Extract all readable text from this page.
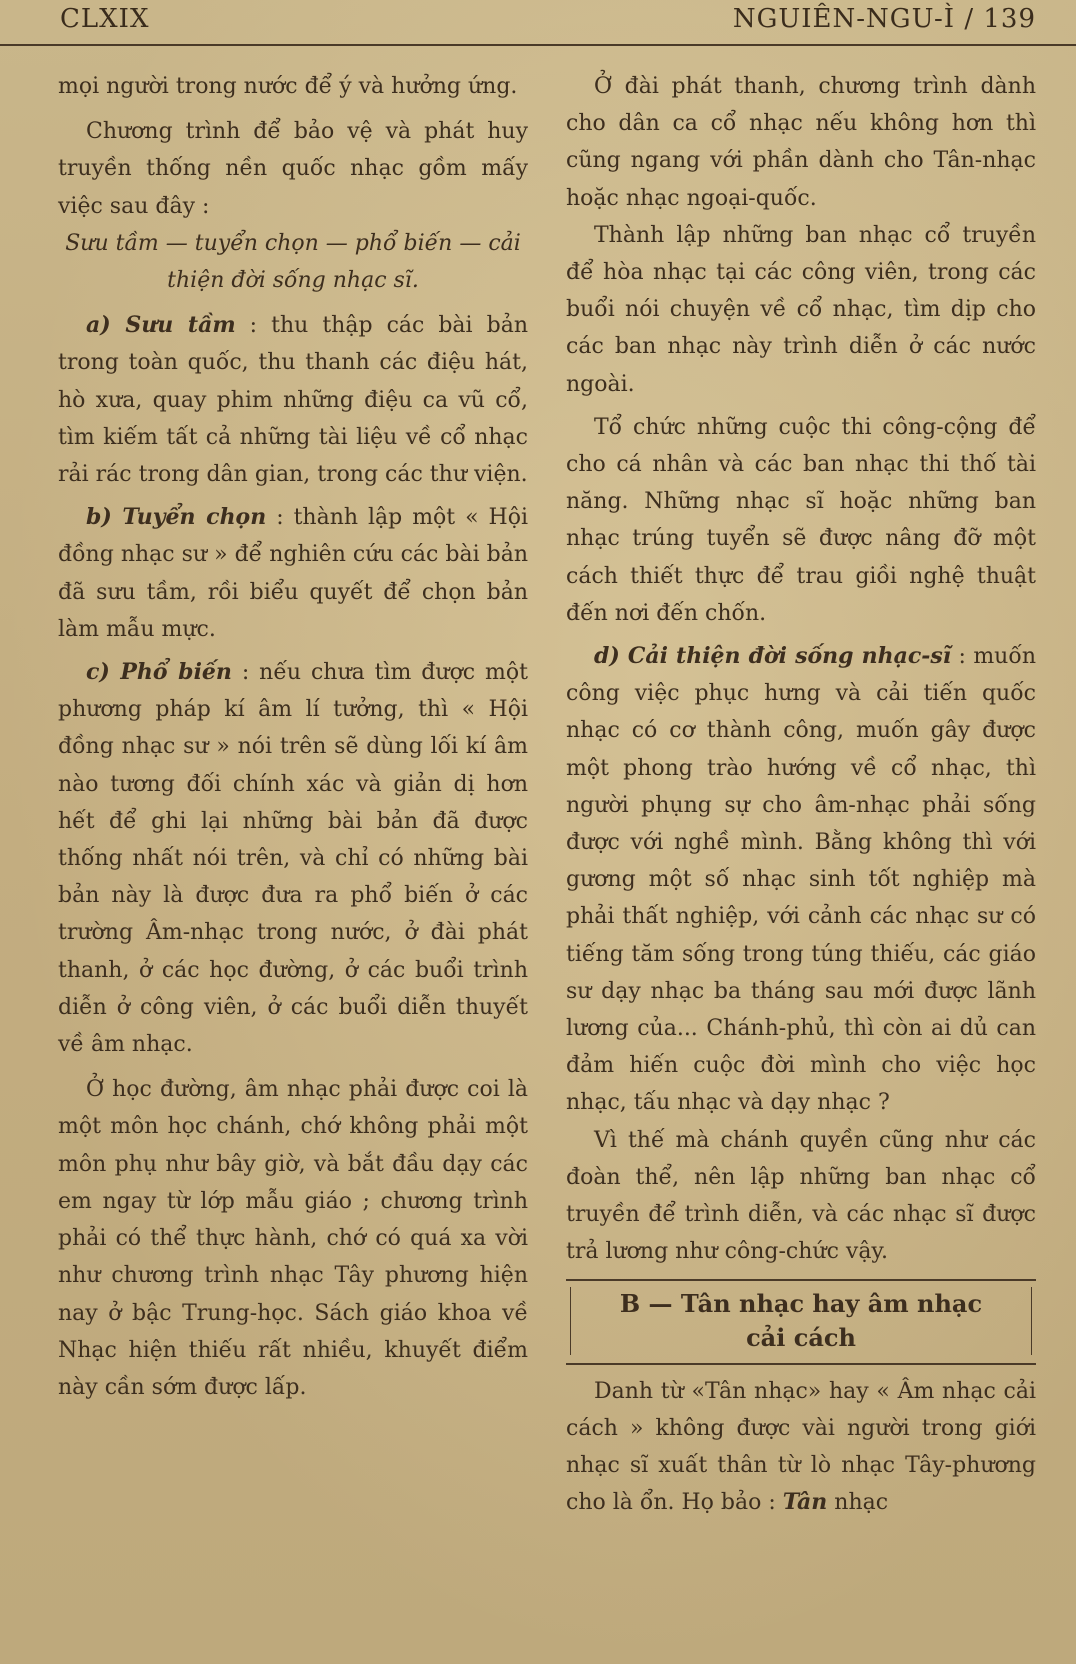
CLXIX	NGUIÊN-NGU-Ì / 139

mọi người trong nước để ý và hưởng ứng.

Chương trình để bảo vệ và phát huy truyền thống nền quốc nhạc gồm mấy việc sau đây :

Sưu tầm — tuyển chọn — phổ biến — cải thiện đời sống nhạc sĩ.

a) Sưu tầm : thu thập các bài bản trong toàn quốc, thu thanh các điệu hát, hò xưa, quay phim những điệu ca vũ cổ, tìm kiếm tất cả những tài liệu về cổ nhạc rải rác trong dân gian, trong các thư viện.

b) Tuyển chọn : thành lập một « Hội đồng nhạc sư » để nghiên cứu các bài bản đã sưu tầm, rồi biểu quyết để chọn bản làm mẫu mực.

c) Phổ biến : nếu chưa tìm được một phương pháp kí âm lí tưởng, thì « Hội đồng nhạc sư » nói trên sẽ dùng lối kí âm nào tương đối chính xác và giản dị hơn hết để ghi lại những bài bản đã được thống nhất nói trên, và chỉ có những bài bản này là được đưa ra phổ biến ở các trường Âm-nhạc trong nước, ở đài phát thanh, ở các học đường, ở các buổi trình diễn ở công viên, ở các buổi diễn thuyết về âm nhạc.

Ở học đường, âm nhạc phải được coi là một môn học chánh, chớ không phải một môn phụ như bây giờ, và bắt đầu dạy các em ngay từ lớp mẫu giáo ; chương trình phải có thể thực hành, chớ có quá xa vời như chương trình nhạc Tây phương hiện nay ở bậc Trung-học. Sách giáo khoa về Nhạc hiện thiếu rất nhiều, khuyết điểm này cần sớm được lấp.

Ở đài phát thanh, chương trình dành cho dân ca cổ nhạc nếu không hơn thì cũng ngang với phần dành cho Tân-nhạc hoặc nhạc ngoại-quốc.

Thành lập những ban nhạc cổ truyền để hòa nhạc tại các công viên, trong các buổi nói chuyện về cổ nhạc, tìm dịp cho các ban nhạc này trình diễn ở các nước ngoài.

Tổ chức những cuộc thi công-cộng để cho cá nhân và các ban nhạc thi thố tài năng. Những nhạc sĩ hoặc những ban nhạc trúng tuyển sẽ được nâng đỡ một cách thiết thực để trau giồi nghệ thuật đến nơi đến chốn.

d) Cải thiện đời sống nhạc-sĩ : muốn công việc phục hưng và cải tiến quốc nhạc có cơ thành công, muốn gây được một phong trào hướng về cổ nhạc, thì người phụng sự cho âm-nhạc phải sống được với nghề mình. Bằng không thì với gương một số nhạc sinh tốt nghiệp mà phải thất nghiệp, với cảnh các nhạc sư có tiếng tăm sống trong túng thiếu, các giáo sư dạy nhạc ba tháng sau mới được lãnh lương của... Chánh-phủ, thì còn ai dủ can đảm hiến cuộc đời mình cho việc học nhạc, tấu nhạc và dạy nhạc ?

Vì thế mà chánh quyền cũng như các đoàn thể, nên lập những ban nhạc cổ truyền để trình diễn, và các nhạc sĩ được trả lương như công-chức vậy.

B — Tân nhạc hay âm nhạc
cải cách

Danh từ «Tân nhạc» hay « Âm nhạc cải cách » không được vài người trong giới nhạc sĩ xuất thân từ lò nhạc Tây-phương cho là ổn. Họ bảo : Tân nhạc
